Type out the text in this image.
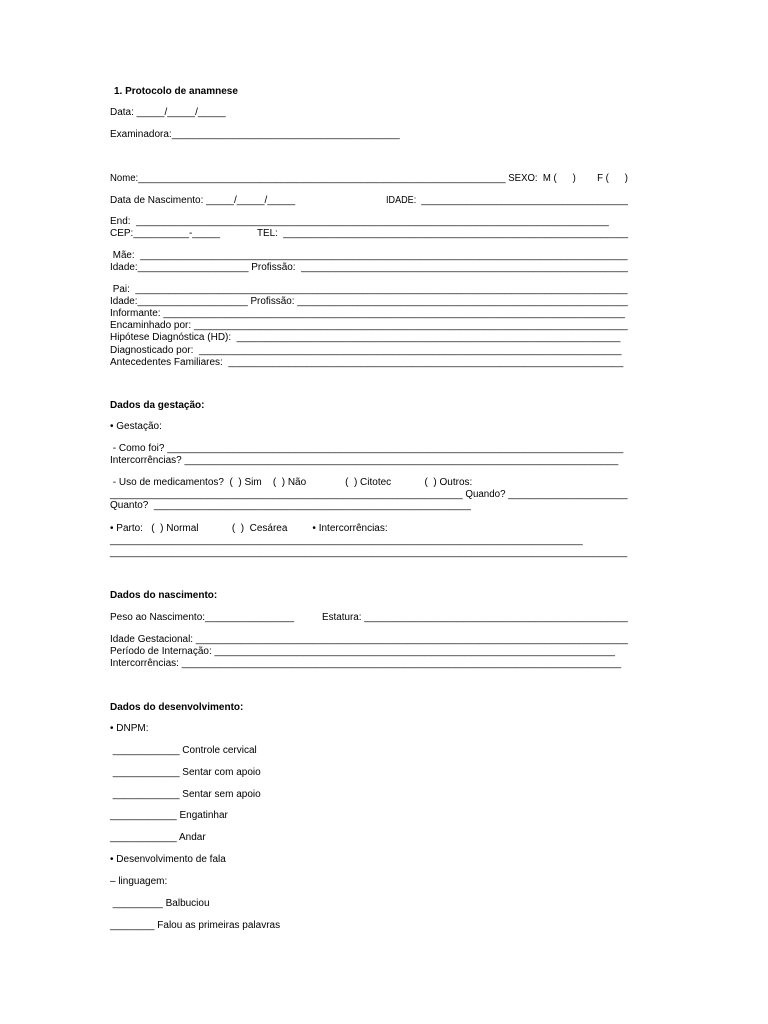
1. Protocolo de anamnese
Data: _____/_____/_____
Examinadora:_________________________________________
Nome:_____________________________________________________________________ SEXO:  M (      )        F (      )
Data de Nascimento: _____/_____/_____	IDADE:  _________________________________________
End:  _____________________________________________________________________________________
CEP:__________-_____	TEL:  _______________________________________________________________
Mãe:  _________________________________________________________________________________________
Idade:____________________ Profissão:  ___________________________________________________________
Pai:  _________________________________________________________________________________________
Idade:____________________ Profissão: ____________________________________________________________
Informante: ___________________________________________________________________________________
Encaminhado por: ______________________________________________________________________________
Hipótese Diagnóstica (HD):  _____________________________________________________________________
Diagnosticado por:  ____________________________________________________________________________
Antecedentes Familiares:  _______________________________________________________________________
Dados da gestação:
• Gestação:
- Como foi? __________________________________________________________________________________
Intercorrências? ______________________________________________________________________________
- Uso de medicamentos?  (  ) Sim    (  ) Não              (  ) Citotec            (  ) Outros:
_________________________________________________________________ Quando? ______________________
Quanto?  _________________________________________________________
• Parto:   (  ) Normal            (  )  Cesárea         • Intercorrências:
_____________________________________________________________________________________
_____________________________________________________________________________________________
Dados do nascimento:
Peso ao Nascimento:________________	Estatura: ________________________________________________
Idade Gestacional: ______________________________________________________________________________
Período de Internação: ________________________________________________________________________
Intercorrências: _______________________________________________________________________________
Dados do desenvolvimento:
• DNPM:
____________ Controle cervical
____________ Sentar com apoio
____________ Sentar sem apoio
____________ Engatinhar
____________ Andar
• Desenvolvimento de fala
– linguagem:
_________ Balbuciou
________ Falou as primeiras palavras
